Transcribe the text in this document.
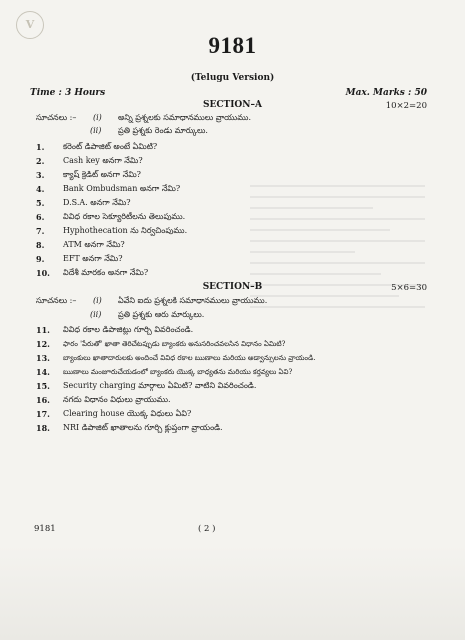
V
9181
(Telugu Version)
Time : 3 Hours	Max. Marks : 50
SECTION–A	10×2=20
సూచనలు :– (i) అన్ని ప్రశ్నలకు సమాధానములు వ్రాయుము.
(ii) ప్రతి ప్రశ్నకు రెండు మార్కులు.
1. కరెంట్ డిపాజిట్ అంటే ఏమిటి?
2. Cash key అనగా నేమి?
3. క్యాష్ క్రెడిట్ అనగా నేమి?
4. Bank Ombudsman అనగా నేమి?
5. D.S.A. అనగా నేమి?
6. వివిధ రకాల సెక్యూరిటీలను తెలుపుము.
7. Hyphothecation ను నిర్వచింపుము.
8. ATM అనగా నేమి?
9. EFT అనగా నేమి?
10. విదేశీ మారకం అనగా నేమి?
SECTION–B	5×6=30
సూచనలు :– (i) ఏవేని ఐదు ప్రశ్నలకి సమాధానములు వ్రాయుము.
(ii) ప్రతి ప్రశ్నకు ఆరు మార్కులు.
11. వివిధ రకాల డిపాజిట్లు గూర్చి వివరించండి.
12. ఫారం 'పేరుతో' ఖాతా తెరిచేటప్పుడు బ్యాంకరు అనుసరించవలసిన విధానం ఏమిటి?
13. బ్యాంకులు ఖాతాదారులకు అందించే వివిధ రకాల ఋణాలు మరియు అడ్వాన్సులను వ్రాయండి.
14. ఋణాలు మంజూరుచేయడంలో బ్యాంకరు యొక్క బాధ్యతను మరియు కర్తవ్యలు ఏవి?
15. Security charging మార్గాలు ఏమిటి? వాటిని వివరించండి.
16. నగదు విధానం విధులు వ్రాయుము.
17. Clearing house యొక్క విధులు ఏవి?
18. NRI డిపాజిట్ ఖాతాలను గూర్చి క్లుప్తంగా వ్రాయండి.
9181	( 2 )
